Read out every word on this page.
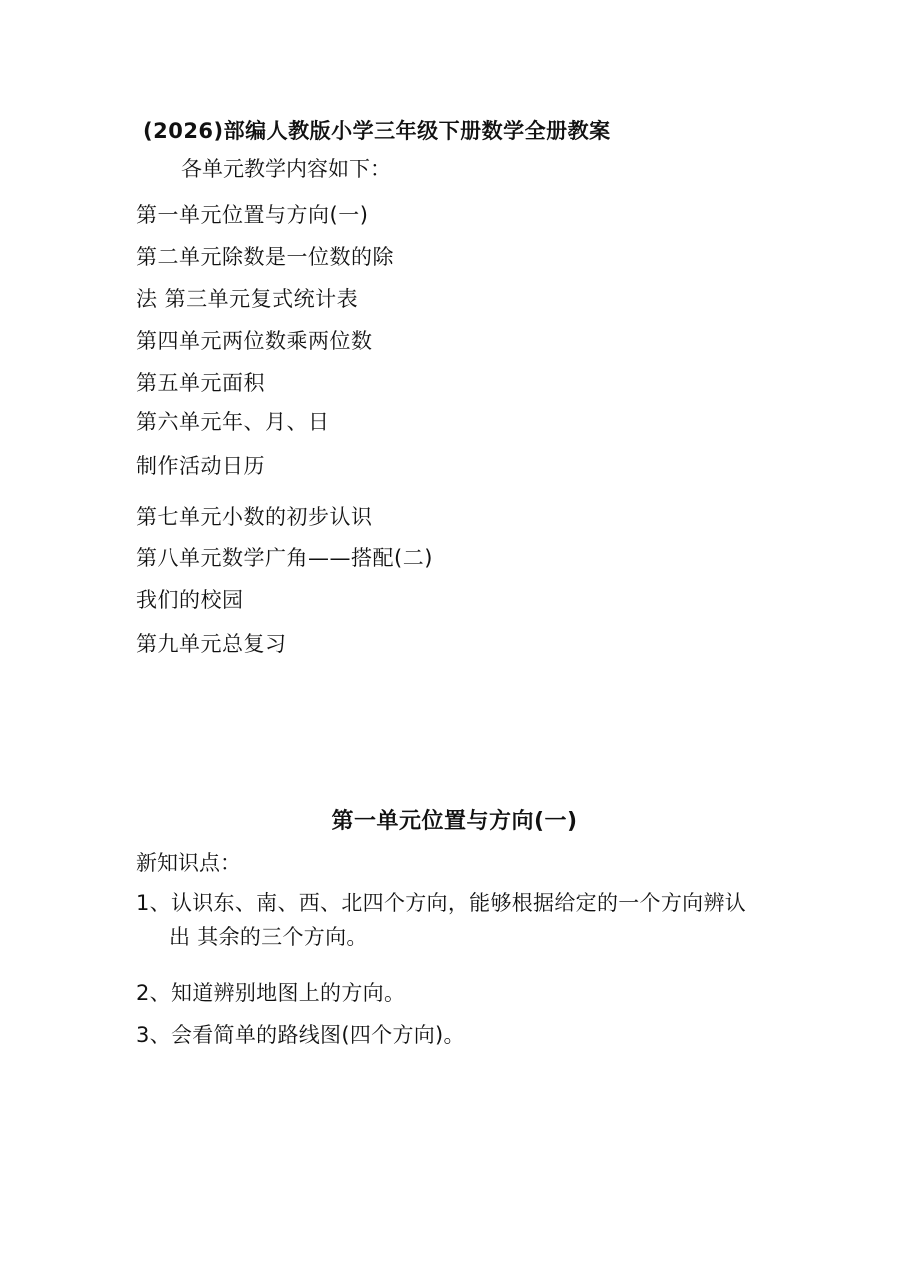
(2026)部编人教版小学三年级下册数学全册教案
各单元教学内容如下：
第一单元位置与方向(一)
第二单元除数是一位数的除
法 第三单元复式统计表
第四单元两位数乘两位数
第五单元面积
第六单元年、月、日
制作活动日历
第七单元小数的初步认识
第八单元数学广角——搭配(二)
我们的校园
第九单元总复习
第一单元位置与方向(一)
新知识点：
1、认识东、南、西、北四个方向，能够根据给定的一个方向辨认
出 其余的三个方向。
2、知道辨别地图上的方向。
3、会看简单的路线图(四个方向)。
